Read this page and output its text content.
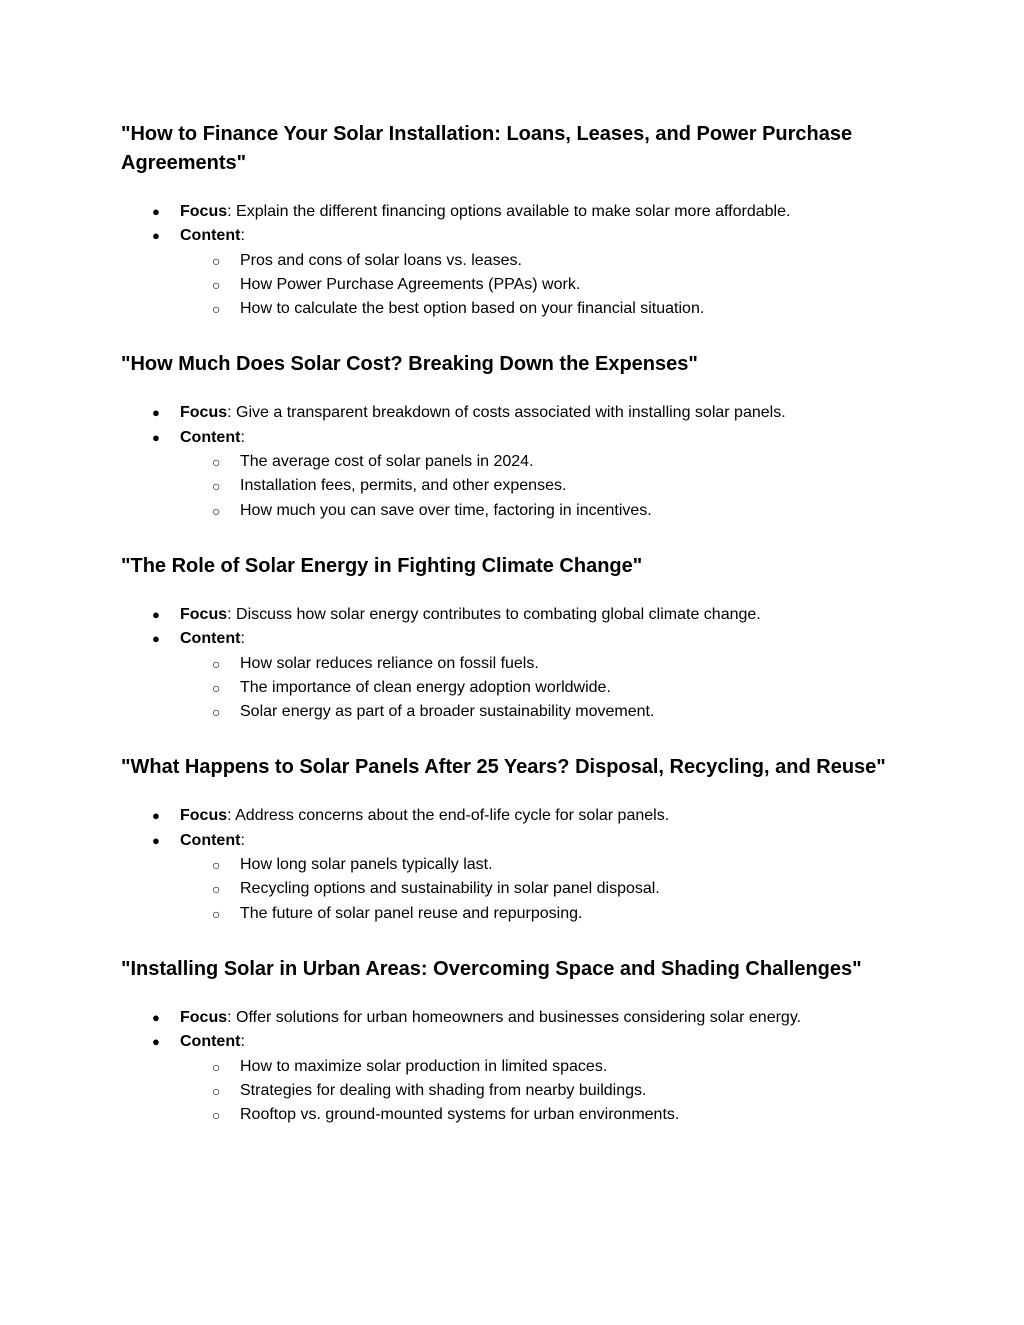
"How to Finance Your Solar Installation: Loans, Leases, and Power Purchase Agreements"
● Focus: Explain the different financing options available to make solar more affordable.
● Content:
○ Pros and cons of solar loans vs. leases.
○ How Power Purchase Agreements (PPAs) work.
○ How to calculate the best option based on your financial situation.
"How Much Does Solar Cost? Breaking Down the Expenses"
● Focus: Give a transparent breakdown of costs associated with installing solar panels.
● Content:
○ The average cost of solar panels in 2024.
○ Installation fees, permits, and other expenses.
○ How much you can save over time, factoring in incentives.
"The Role of Solar Energy in Fighting Climate Change"
● Focus: Discuss how solar energy contributes to combating global climate change.
● Content:
○ How solar reduces reliance on fossil fuels.
○ The importance of clean energy adoption worldwide.
○ Solar energy as part of a broader sustainability movement.
"What Happens to Solar Panels After 25 Years? Disposal, Recycling, and Reuse"
● Focus: Address concerns about the end-of-life cycle for solar panels.
● Content:
○ How long solar panels typically last.
○ Recycling options and sustainability in solar panel disposal.
○ The future of solar panel reuse and repurposing.
"Installing Solar in Urban Areas: Overcoming Space and Shading Challenges"
● Focus: Offer solutions for urban homeowners and businesses considering solar energy.
● Content:
○ How to maximize solar production in limited spaces.
○ Strategies for dealing with shading from nearby buildings.
○ Rooftop vs. ground-mounted systems for urban environments.
